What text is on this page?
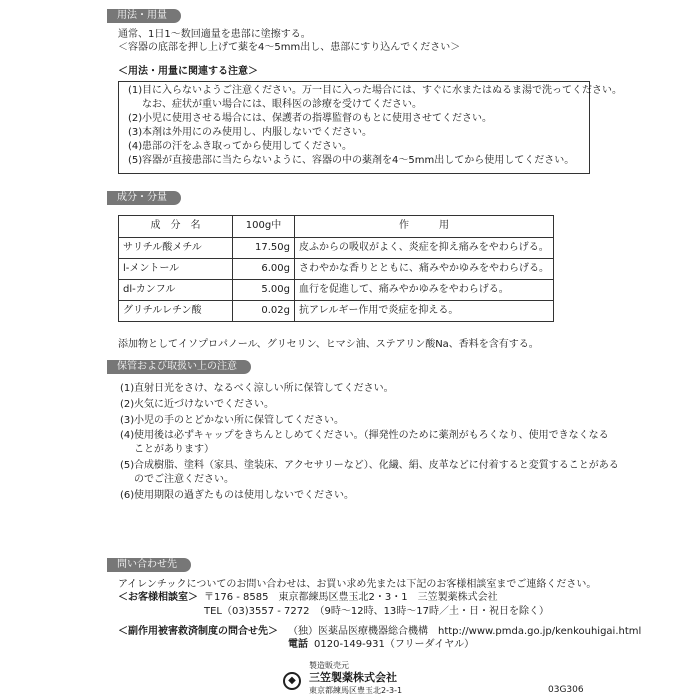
用法・用量
通常、1日1～数回適量を患部に塗擦する。
＜容器の底部を押し上げて薬を4～5mm出し、患部にすり込んでください＞
＜用法・用量に関連する注意＞
(1)目に入らないようご注意ください。万一目に入った場合には、すぐに水またはぬるま湯で洗ってください。
なお、症状が重い場合には、眼科医の診療を受けてください。
(2)小児に使用させる場合には、保護者の指導監督のもとに使用させてください。
(3)本剤は外用にのみ使用し、内服しないでください。
(4)患部の汗をふき取ってから使用してください。
(5)容器が直接患部に当たらないように、容器の中の薬剤を4～5mm出してから使用してください。
成分・分量
成　分　名	100g中	作　　　用
サリチル酸メチル	17.50g	皮ふからの吸収がよく、炎症を抑え痛みをやわらげる。
l-メントール	6.00g	さわやかな香りとともに、痛みやかゆみをやわらげる。
dl-カンフル	5.00g	血行を促進して、痛みやかゆみをやわらげる。
グリチルレチン酸	0.02g	抗アレルギー作用で炎症を抑える。
添加物としてイソプロパノール、グリセリン、ヒマシ油、ステアリン酸Na、香料を含有する。
保管および取扱い上の注意
(1)直射日光をさけ、なるべく涼しい所に保管してください。
(2)火気に近づけないでください。
(3)小児の手のとどかない所に保管してください。
(4)使用後は必ずキャップをきちんとしめてください。（揮発性のために薬剤がもろくなり、使用できなくなる
ことがあります）
(5)合成樹脂、塗料（家具、塗装床、アクセサリーなど）、化繊、絹、皮革などに付着すると変質することがある
のでご注意ください。
(6)使用期限の過ぎたものは使用しないでください。
問い合わせ先
アイレンチックについてのお問い合わせは、お買い求め先または下記のお客様相談室までご連絡ください。
＜お客様相談室＞ 〒176 - 8585　東京都練馬区豊玉北2・3・1　三笠製薬株式会社
TEL（03)3557 - 7272　（9時～12時、13時～17時／土・日・祝日を除く）
＜副作用被害救済制度の問合せ先＞ （独）医薬品医療機器総合機構　http://www.pmda.go.jp/kenkouhigai.html
電話 0120-149-931（フリーダイヤル）
製造販売元
◆	三笠製薬株式会社
東京都練馬区豊玉北2-3-1	03G306
